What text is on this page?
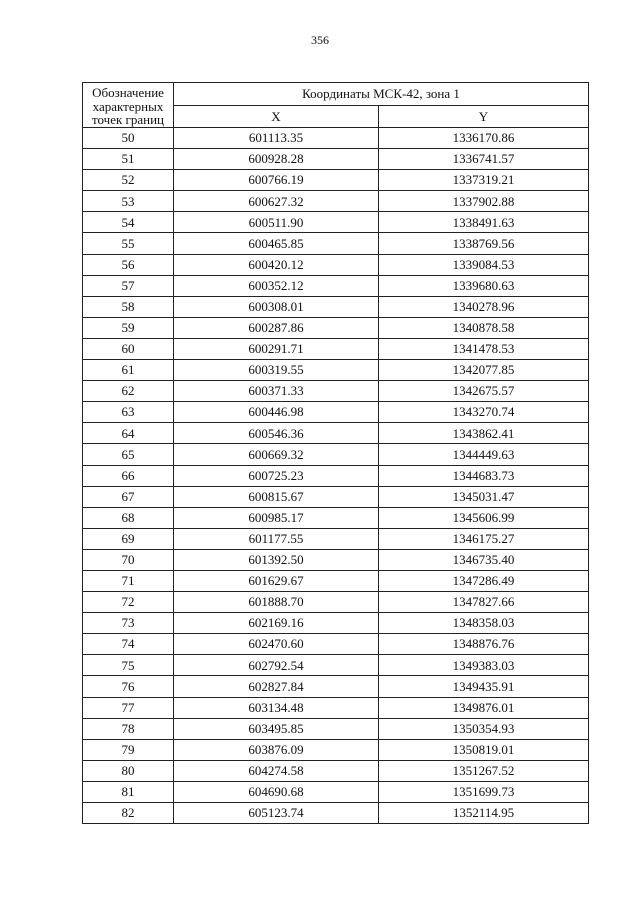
356
Обозначение характерных точек границ	Координаты МСК-42, зона 1	
	X	Y
50	601113.35	1336170.86
51	600928.28	1336741.57
52	600766.19	1337319.21
53	600627.32	1337902.88
54	600511.90	1338491.63
55	600465.85	1338769.56
56	600420.12	1339084.53
57	600352.12	1339680.63
58	600308.01	1340278.96
59	600287.86	1340878.58
60	600291.71	1341478.53
61	600319.55	1342077.85
62	600371.33	1342675.57
63	600446.98	1343270.74
64	600546.36	1343862.41
65	600669.32	1344449.63
66	600725.23	1344683.73
67	600815.67	1345031.47
68	600985.17	1345606.99
69	601177.55	1346175.27
70	601392.50	1346735.40
71	601629.67	1347286.49
72	601888.70	1347827.66
73	602169.16	1348358.03
74	602470.60	1348876.76
75	602792.54	1349383.03
76	602827.84	1349435.91
77	603134.48	1349876.01
78	603495.85	1350354.93
79	603876.09	1350819.01
80	604274.58	1351267.52
81	604690.68	1351699.73
82	605123.74	1352114.95
